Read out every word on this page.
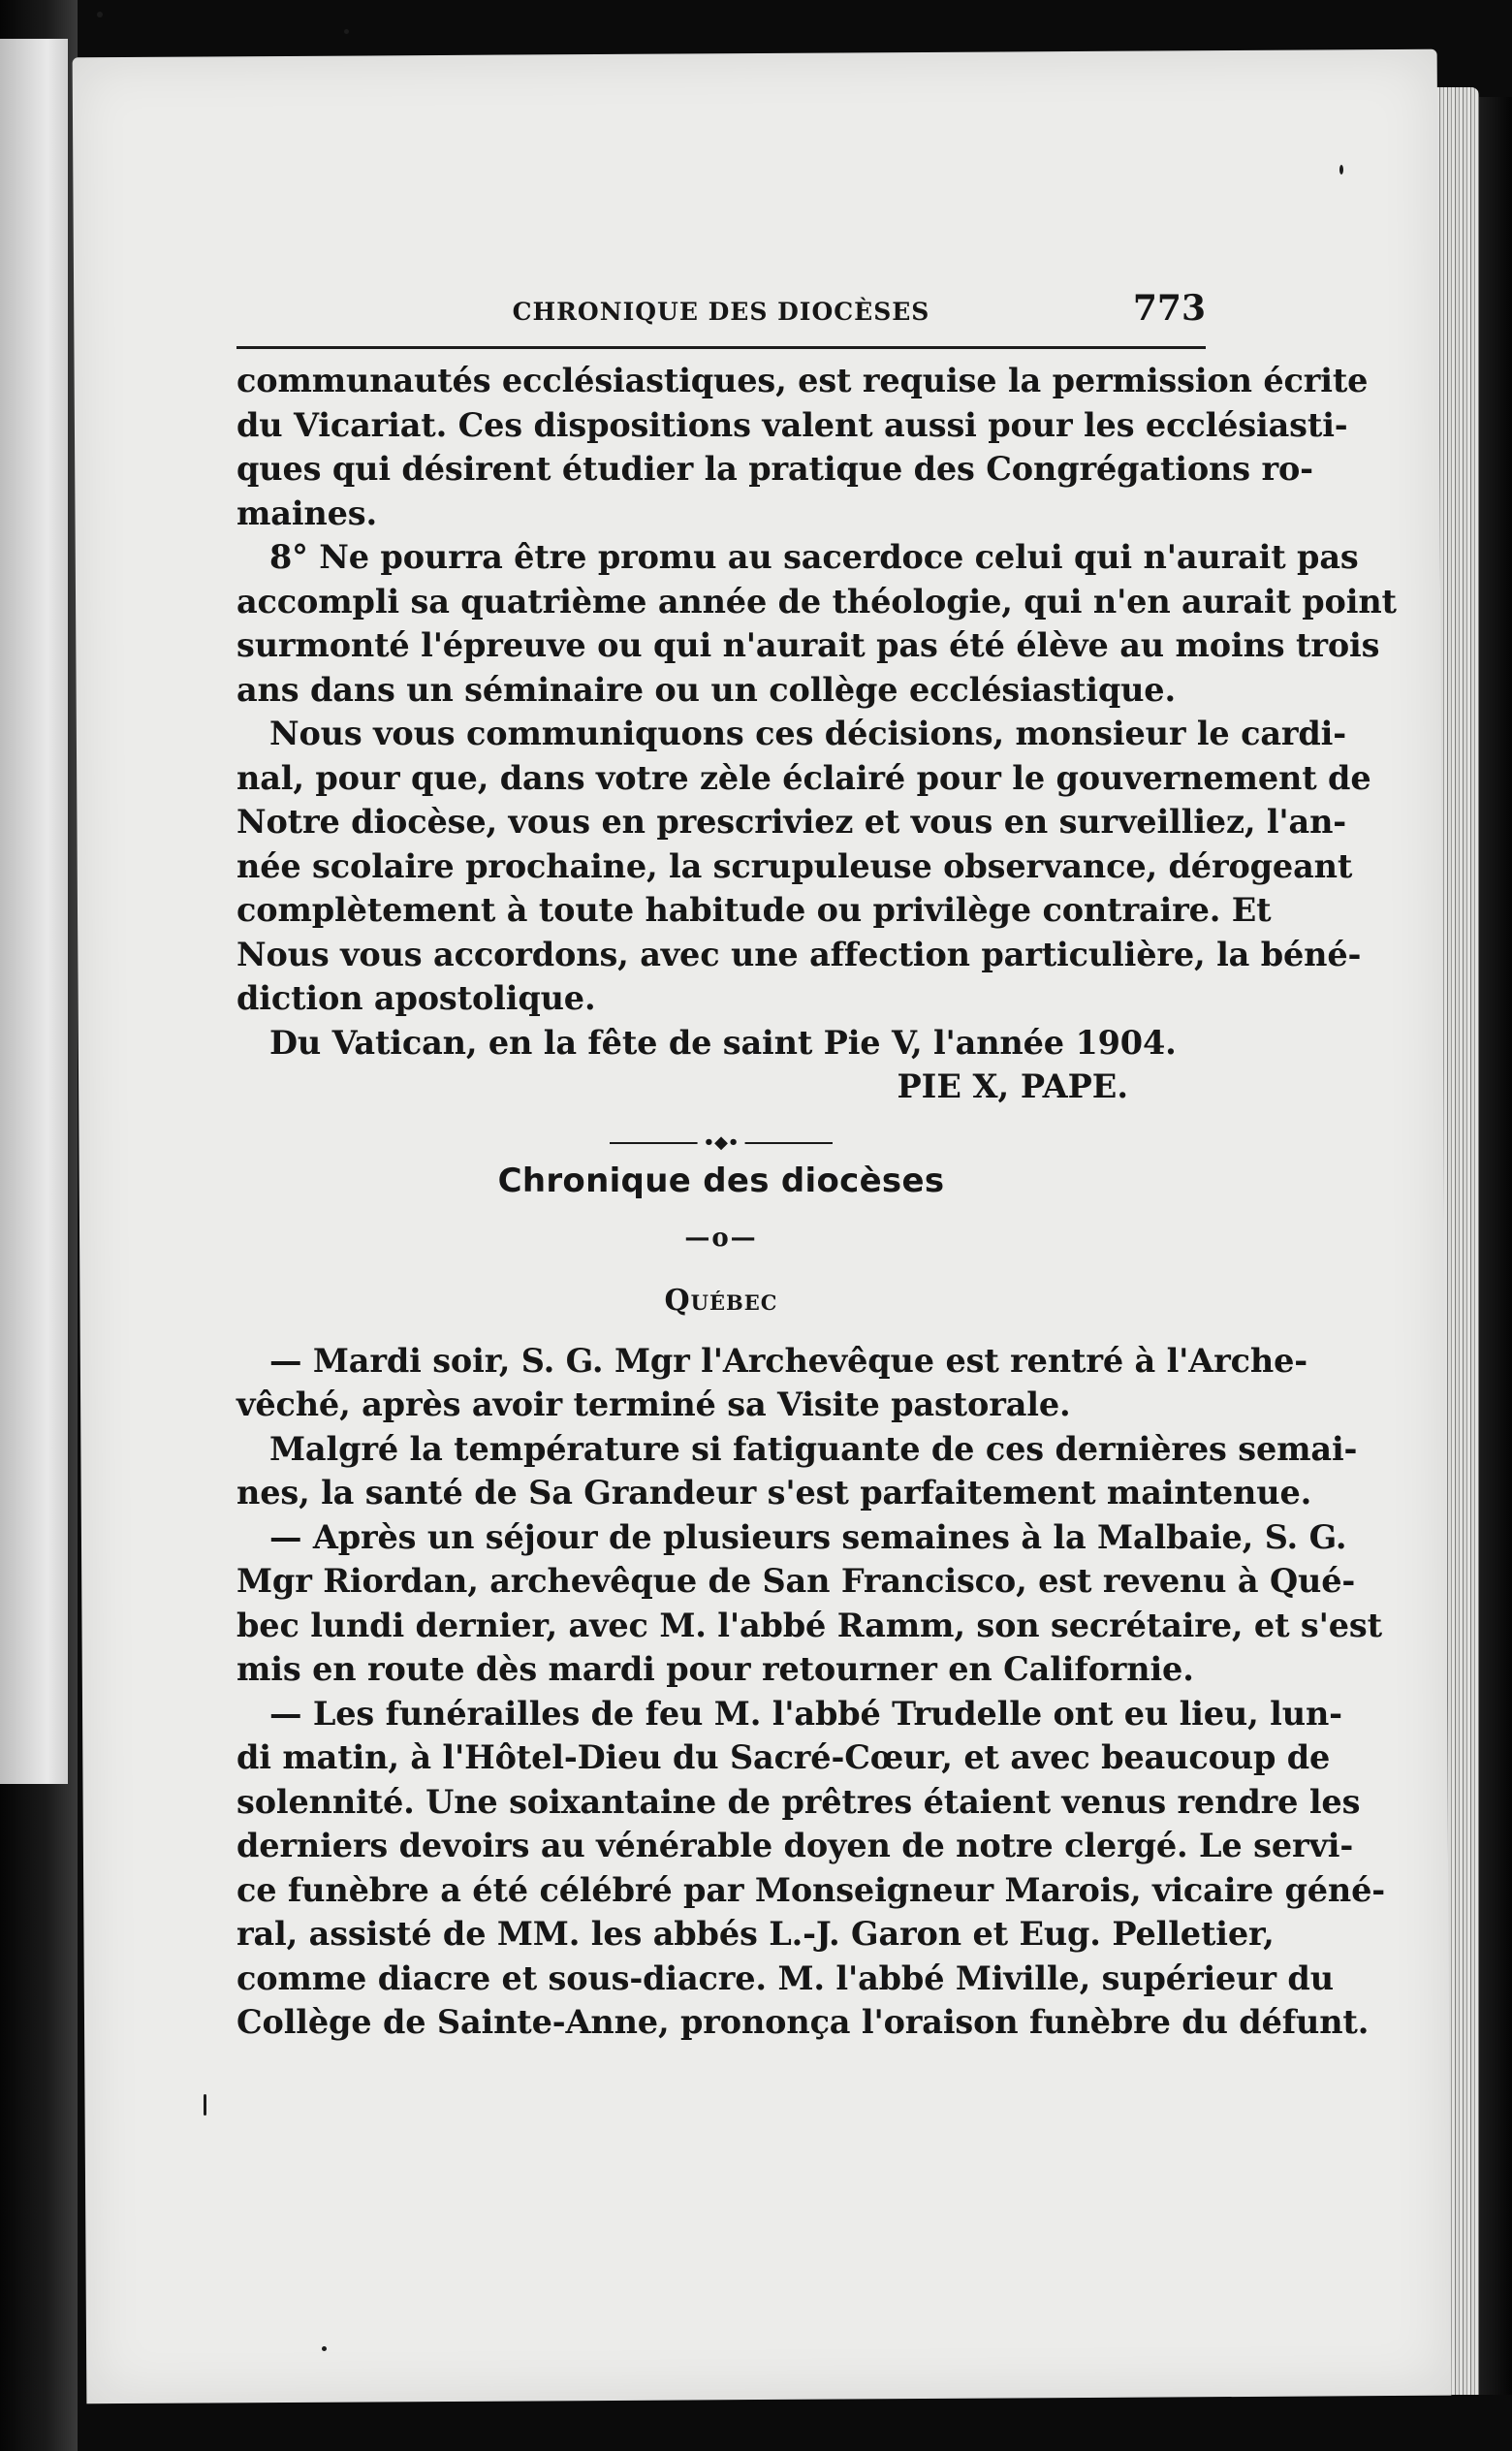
CHRONIQUE DES DIOCÈSES	773

communautés ecclésiastiques, est requise la permission écrite
du Vicariat. Ces dispositions valent aussi pour les ecclésiasti-
ques qui désirent étudier la pratique des Congrégations ro-
maines.

8° Ne pourra être promu au sacerdoce celui qui n'aurait pas
accompli sa quatrième année de théologie, qui n'en aurait point
surmonté l'épreuve ou qui n'aurait pas été élève au moins trois
ans dans un séminaire ou un collège ecclésiastique.

Nous vous communiquons ces décisions, monsieur le cardi-
nal, pour que, dans votre zèle éclairé pour le gouvernement de
Notre diocèse, vous en prescriviez et vous en surveilliez, l'an-
née scolaire prochaine, la scrupuleuse observance, dérogeant
complètement à toute habitude ou privilège contraire. Et
Nous vous accordons, avec une affection particulière, la béné-
diction apostolique.

Du Vatican, en la fête de saint Pie V, l'année 1904.

PIE X, PAPE.
•◆•
Chronique des diocèses
—o—
Québec

— Mardi soir, S. G. Mgr l'Archevêque est rentré à l'Arche-
vêché, après avoir terminé sa Visite pastorale.

Malgré la température si fatiguante de ces dernières semai-
nes, la santé de Sa Grandeur s'est parfaitement maintenue.

— Après un séjour de plusieurs semaines à la Malbaie, S. G.
Mgr Riordan, archevêque de San Francisco, est revenu à Qué-
bec lundi dernier, avec M. l'abbé Ramm, son secrétaire, et s'est
mis en route dès mardi pour retourner en Californie.

— Les funérailles de feu M. l'abbé Trudelle ont eu lieu, lun-
di matin, à l'Hôtel-Dieu du Sacré-Cœur, et avec beaucoup de
solennité. Une soixantaine de prêtres étaient venus rendre les
derniers devoirs au vénérable doyen de notre clergé. Le servi-
ce funèbre a été célébré par Monseigneur Marois, vicaire géné-
ral, assisté de MM. les abbés L.-J. Garon et Eug. Pelletier,
comme diacre et sous-diacre. M. l'abbé Miville, supérieur du
Collège de Sainte-Anne, prononça l'oraison funèbre du défunt.
